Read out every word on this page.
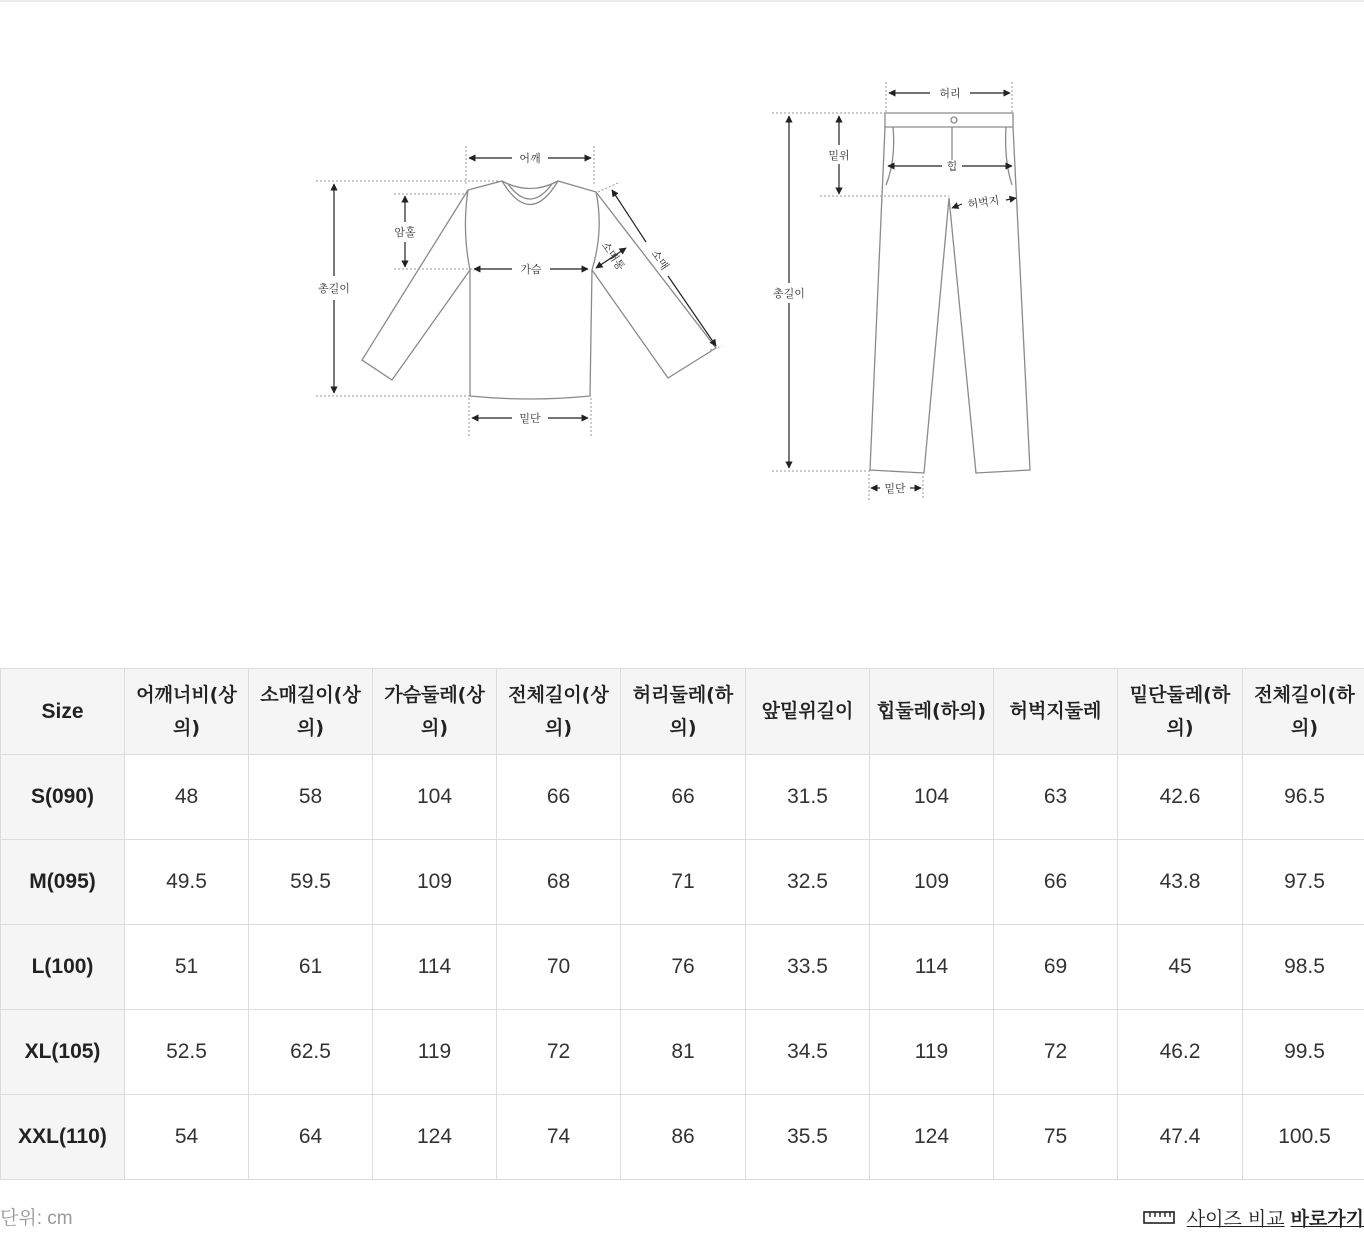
어깨
암홀
가슴
총길이
밑단
소매통 소매
허리
밑위
힙
허벅지
총길이
밑단
Size	어깨너비(상의)	소매길이(상의)	가슴둘레(상의)	전체길이(상의)	허리둘레(하의)	앞밑위길이	힙둘레(하의)	허벅지둘레	밑단둘레(하의)	전체길이(하의)
S(090)	48	58	104	66	66	31.5	104	63	42.6	96.5
M(095)	49.5	59.5	109	68	71	32.5	109	66	43.8	97.5
L(100)	51	61	114	70	76	33.5	114	69	45	98.5
XL(105)	52.5	62.5	119	72	81	34.5	119	72	46.2	99.5
XXL(110)	54	64	124	74	86	35.5	124	75	47.4	100.5
단위: cm	사이즈 비교 바로가기
